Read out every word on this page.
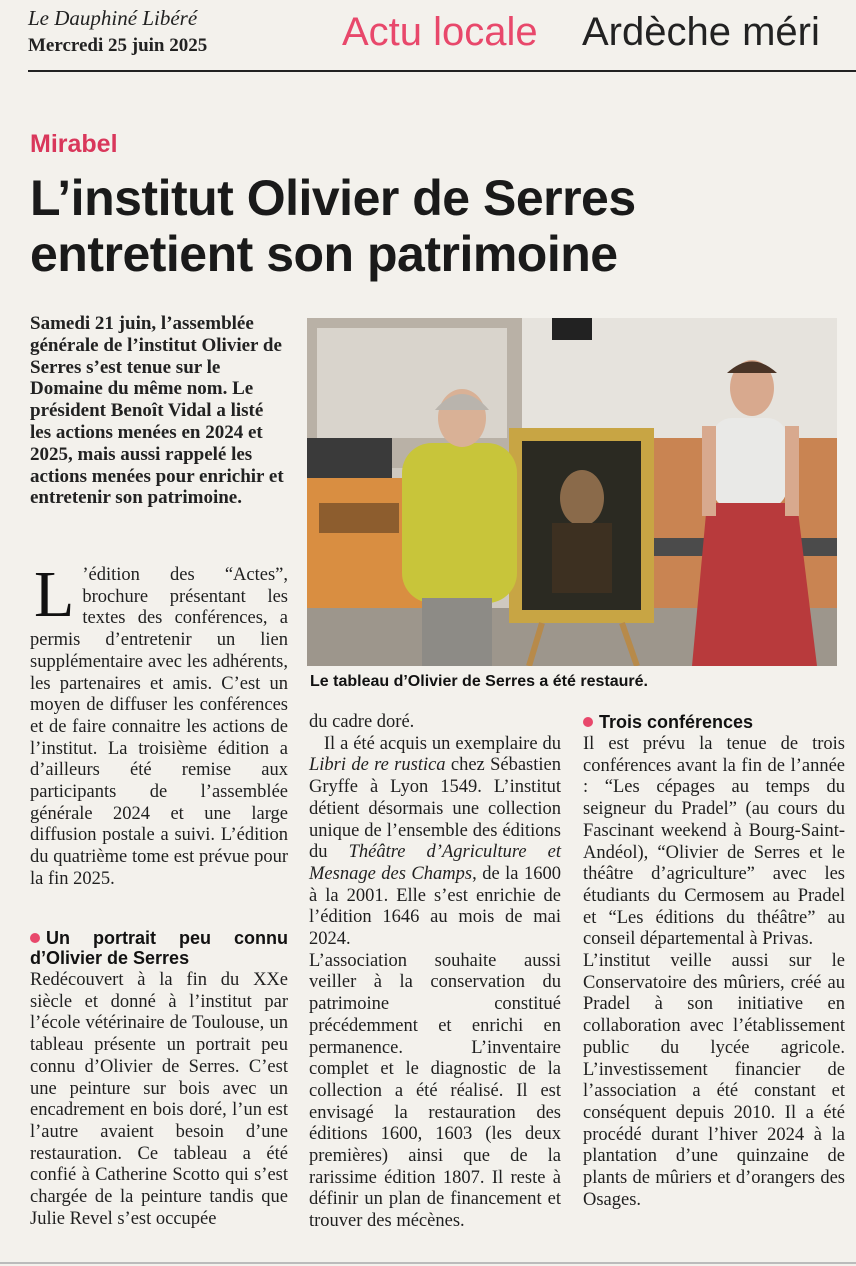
Le Dauphiné Libéré
Mercredi 25 juin 2025	Actu locale Ardèche méri
Mirabel
L’institut Olivier de Serres entretient son patrimoine
Samedi 21 juin, l’assemblée générale de l’institut Olivier de Serres s’est tenue sur le Domaine du même nom. Le président Benoît Vidal a listé les actions menées en 2024 et 2025, mais aussi rappelé les actions menées pour enrichir et entretenir son patrimoine.
L ’édition des “Actes”, brochure présentant les textes des conférences, a permis d’entretenir un lien supplémentaire avec les adhérents, les partenaires et amis. C’est un moyen de diffuser les conférences et de faire connaitre les actions de l’institut. La troisième édition a d’ailleurs été remise aux participants de l’assemblée générale 2024 et une large diffusion postale a suivi. L’édition du quatrième tome est prévue pour la fin 2025.
Un portrait peu connu d’Olivier de Serres

Redécouvert à la fin du XXe siècle et donné à l’institut par l’école vétérinaire de Toulouse, un tableau présente un portrait peu connu d’Olivier de Serres. C’est une peinture sur bois avec un encadrement en bois doré, l’un est l’autre avaient besoin d’une restauration. Ce tableau a été confié à Catherine Scotto qui s’est chargée de la peinture tandis que Julie Revel s’est occupée

Le tableau d’Olivier de Serres a été restauré.

du cadre doré.

Il a été acquis un exemplaire du Libri de re rustica chez Sébastien Gryffe à Lyon 1549. L’institut détient désormais une collection unique de l’ensemble des éditions du Théâtre d’Agriculture et Mesnage des Champs, de la 1600 à la 2001. Elle s’est enrichie de l’édition 1646 au mois de mai 2024.

L’association souhaite aussi veiller à la conservation du patrimoine constitué précédemment et enrichi en permanence. L’inventaire complet et le diagnostic de la collection a été réalisé. Il est envisagé la restauration des éditions 1600, 1603 (les deux premières) ainsi que de la rarissime édition 1807. Il reste à définir un plan de financement et trouver des mécènes.

Trois conférences

Il est prévu la tenue de trois conférences avant la fin de l’année : “Les cépages au temps du seigneur du Pradel” (au cours du Fascinant weekend à Bourg-Saint-Andéol), “Olivier de Serres et le théâtre d’agriculture” avec les étudiants du Cermosem au Pradel et “Les éditions du théâtre” au conseil départemental à Privas.

L’institut veille aussi sur le Conservatoire des mûriers, créé au Pradel à son initiative en collaboration avec l’établissement public du lycée agricole. L’investissement financier de l’association a été constant et conséquent depuis 2010. Il a été procédé durant l’hiver 2024 à la plantation d’une quinzaine de plants de mûriers et d’orangers des Osages.
